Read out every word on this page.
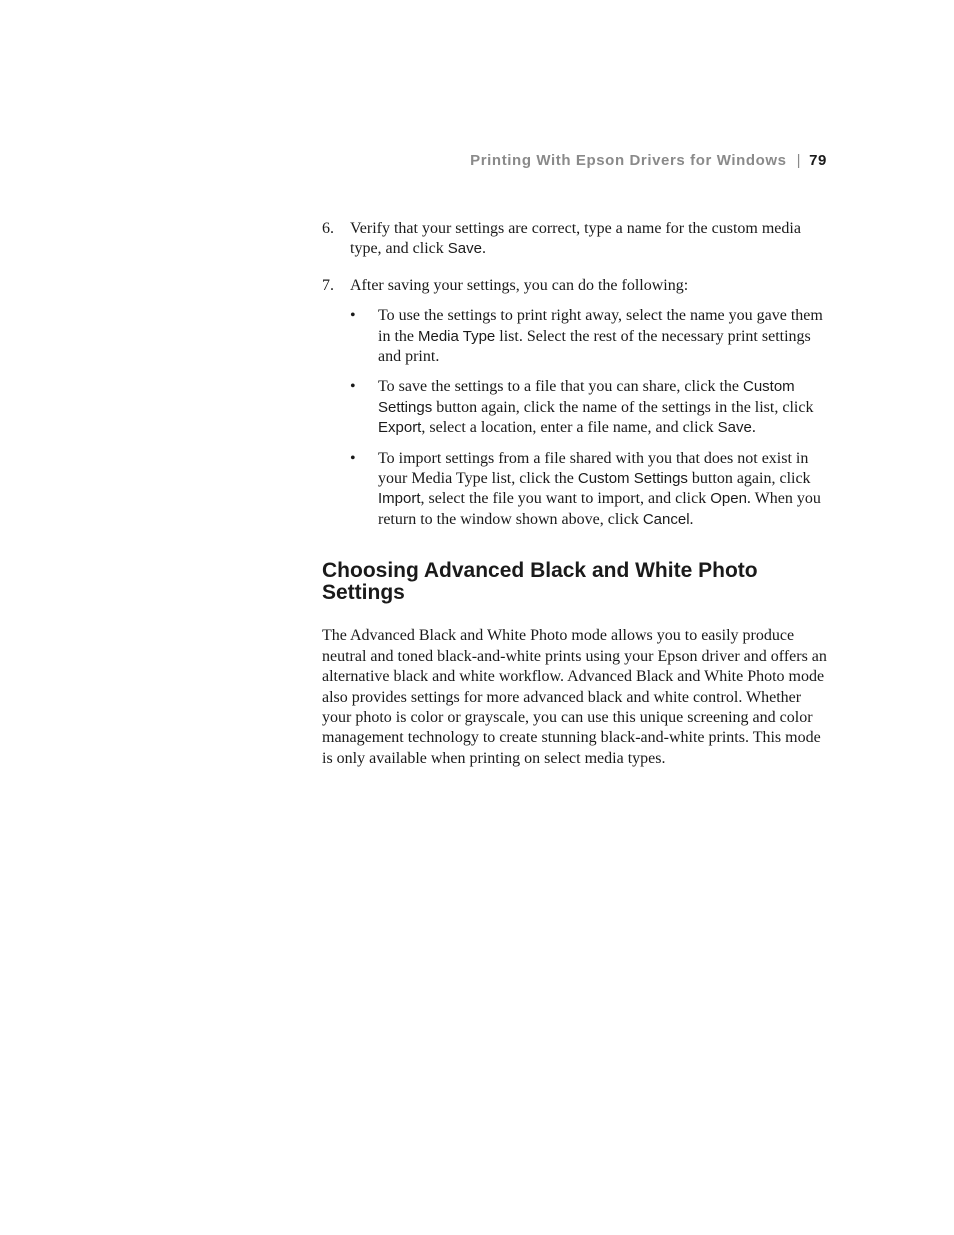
Printing With Epson Drivers for Windows | 79
6. Verify that your settings are correct, type a name for the custom media type, and click Save.
7. After saving your settings, you can do the following:
• To use the settings to print right away, select the name you gave them in the Media Type list. Select the rest of the necessary print settings and print.
• To save the settings to a file that you can share, click the Custom Settings button again, click the name of the settings in the list, click Export, select a location, enter a file name, and click Save.
• To import settings from a file shared with you that does not exist in your Media Type list, click the Custom Settings button again, click Import, select the file you want to import, and click Open. When you return to the window shown above, click Cancel.
Choosing Advanced Black and White Photo Settings

The Advanced Black and White Photo mode allows you to easily produce neutral and toned black-and-white prints using your Epson driver and offers an alternative black and white workflow. Advanced Black and White Photo mode also provides settings for more advanced black and white control. Whether your photo is color or grayscale, you can use this unique screening and color management technology to create stunning black-and-white prints. This mode is only available when printing on select media types.
